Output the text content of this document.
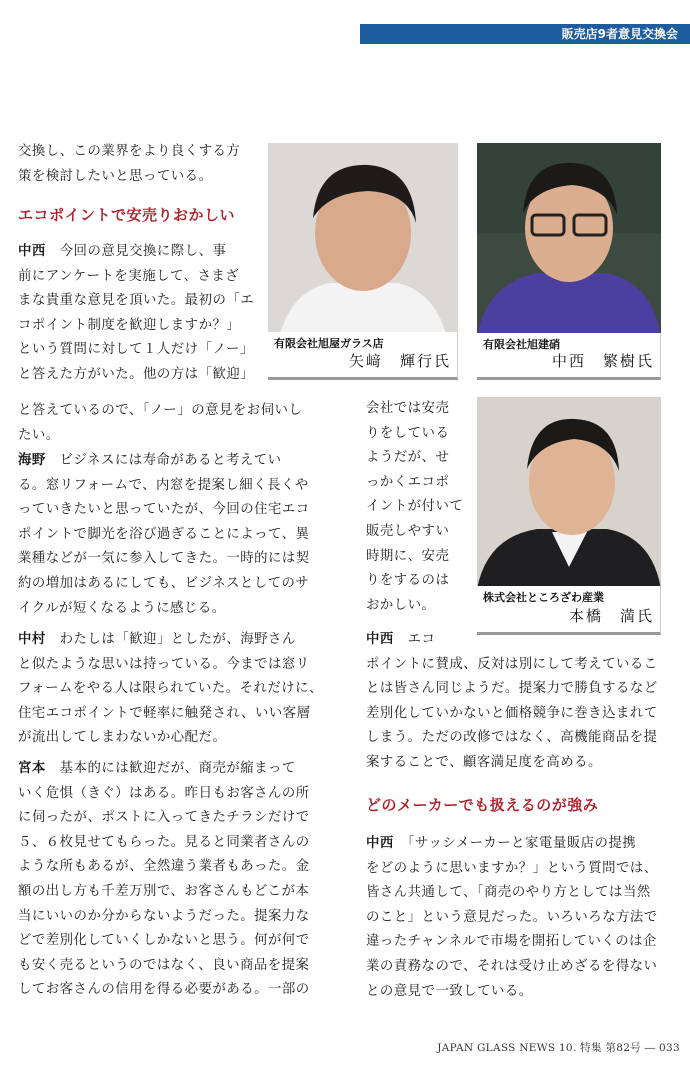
販売店9者意見交換会
有限会社旭屋ガラス店
矢﨑　輝行氏
有限会社旭建硝
中西　繁樹氏
株式会社ところざわ産業
本橋　満氏

交換し、この業界をより良くする方

策を検討したいと思っている。

エコポイントで安売りおかしい

中西　今回の意見交換に際し、事

前にアンケートを実施して、さまざ

まな貴重な意見を頂いた。最初の「エ

コポイント制度を歓迎しますか？」

という質問に対して１人だけ「ノー」

と答えた方がいた。他の方は「歓迎」

と答えているので、「ノー」の意見をお伺いし

たい。

海野　ビジネスには寿命があると考えてい

る。窓リフォームで、内窓を提案し細く長くや

っていきたいと思っていたが、今回の住宅エコ

ポイントで脚光を浴び過ぎることによって、異

業種などが一気に参入してきた。一時的には契

約の増加はあるにしても、ビジネスとしてのサ

イクルが短くなるように感じる。

中村　わたしは「歓迎」としたが、海野さん

と似たような思いは持っている。今までは窓リ

フォームをやる人は限られていた。それだけに、

住宅エコポイントで軽率に触発され、いい客層

が流出してしまわないか心配だ。

宮本　基本的には歓迎だが、商売が縮まって

いく危惧（きぐ）はある。昨日もお客さんの所

に伺ったが、ポストに入ってきたチラシだけで

５、６枚見せてもらった。見ると同業者さんの

ような所もあるが、全然違う業者もあった。金

額の出し方も千差万別で、お客さんもどこが本

当にいいのか分からないようだった。提案力な

どで差別化していくしかないと思う。何が何で

も安く売るというのではなく、良い商品を提案

してお客さんの信用を得る必要がある。一部の

会社では安売

りをしている

ようだが、せ

っかくエコポ

イントが付いて

販売しやすい

時期に、安売

りをするのは

おかしい。

中西　エコ

ポイントに賛成、反対は別にして考えているこ

とは皆さん同じようだ。提案力で勝負するなど

差別化していかないと価格競争に巻き込まれて

しまう。ただの改修ではなく、高機能商品を提

案することで、顧客満足度を高める。

どのメーカーでも扱えるのが強み

中西　「サッシメーカーと家電量販店の提携

をどのように思いますか？」という質問では、

皆さん共通して、「商売のやり方としては当然

のこと」という意見だった。いろいろな方法で

違ったチャンネルで市場を開拓していくのは企

業の責務なので、それは受け止めざるを得ない

との意見で一致している。

JAPAN GLASS NEWS 10. 特集 第82号 ― 033
